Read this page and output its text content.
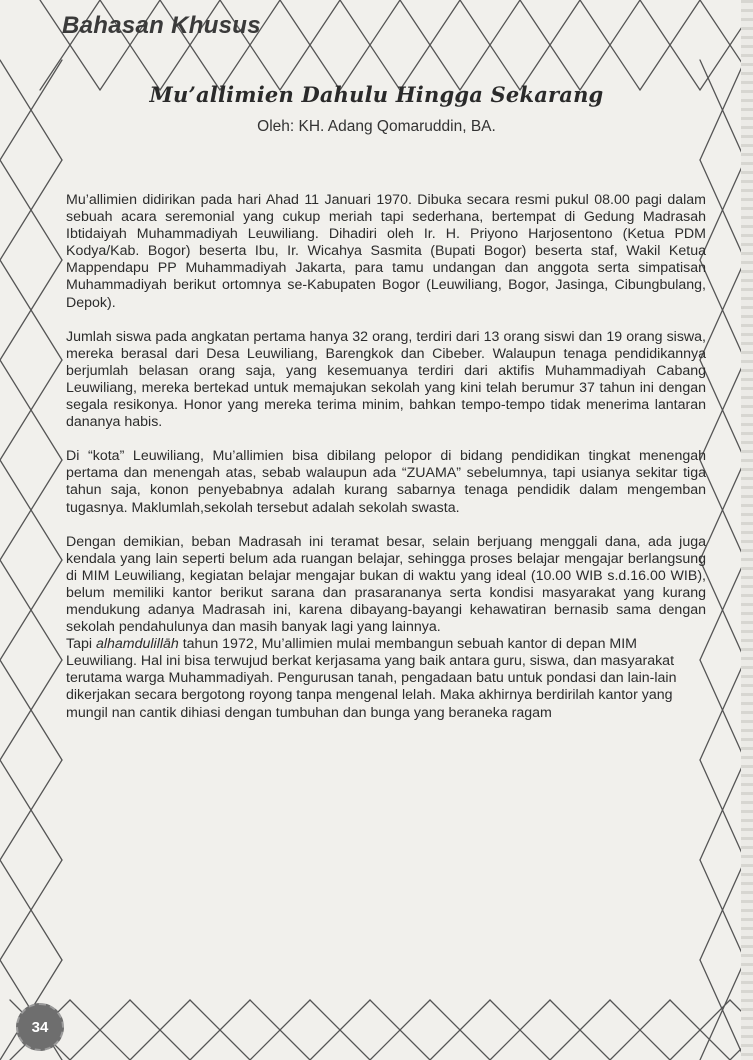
Bahasan Khusus
Mu’allimien Dahulu Hingga Sekarang

Oleh: KH. Adang Qomaruddin, BA.

Mu’allimien didirikan pada hari Ahad 11 Januari 1970. Dibuka secara resmi pukul 08.00 pagi dalam sebuah acara seremonial yang cukup meriah tapi sederhana, bertempat di Gedung Madrasah Ibtidaiyah Muhammadiyah Leuwiliang. Dihadiri oleh Ir. H. Priyono Harjosentono (Ketua PDM Kodya/Kab. Bogor) beserta Ibu, Ir. Wicahya Sasmita (Bupati Bogor) beserta staf, Wakil Ketua Mappendapu PP Muhammadiyah Jakarta, para tamu undangan dan anggota serta simpatisan Muhammadiyah berikut ortomnya se-Kabupaten Bogor (Leuwiliang, Bogor, Jasinga, Cibungbulang, Depok).

Jumlah siswa pada angkatan pertama hanya 32 orang, terdiri dari 13 orang siswi dan 19 orang siswa, mereka berasal dari Desa Leuwiliang, Barengkok dan Cibeber. Walaupun tenaga pendidikannya berjumlah belasan orang saja, yang kesemuanya terdiri dari aktifis Muhammadiyah Cabang Leuwiliang, mereka bertekad untuk memajukan sekolah yang kini telah berumur 37 tahun ini dengan segala resikonya. Honor yang mereka terima minim, bahkan tempo-tempo tidak menerima lantaran dananya habis.

Di “kota” Leuwiliang, Mu’allimien bisa dibilang pelopor di bidang pendidikan tingkat menengah pertama dan menengah atas, sebab walaupun ada “ZUAMA” sebelumnya, tapi usianya sekitar tiga tahun saja, konon penyebabnya adalah kurang sabarnya tenaga pendidik dalam mengemban tugasnya. Maklumlah,sekolah tersebut adalah sekolah swasta.

Dengan demikian, beban Madrasah ini teramat besar, selain berjuang menggali dana, ada juga kendala yang lain seperti belum ada ruangan belajar, sehingga proses belajar mengajar berlangsung di MIM Leuwiliang, kegiatan belajar mengajar bukan di waktu yang ideal (10.00 WIB s.d.16.00 WIB), belum memiliki kantor berikut sarana dan prasarananya serta kondisi masyarakat yang kurang mendukung adanya Madrasah ini, karena dibayang-bayangi kehawatiran bernasib sama dengan sekolah pendahulunya dan masih banyak lagi yang lainnya.

Tapi alhamdulillāh tahun 1972, Mu’allimien mulai membangun sebuah kantor di depan MIM Leuwiliang. Hal ini bisa terwujud berkat kerjasama yang baik antara guru, siswa, dan masyarakat terutama warga Muhammadiyah. Pengurusan tanah, pengadaan batu untuk pondasi dan lain-lain dikerjakan secara bergotong royong tanpa mengenal lelah. Maka akhirnya berdirilah kantor yang mungil nan cantik dihiasi dengan tumbuhan dan bunga yang beraneka ragam

34
